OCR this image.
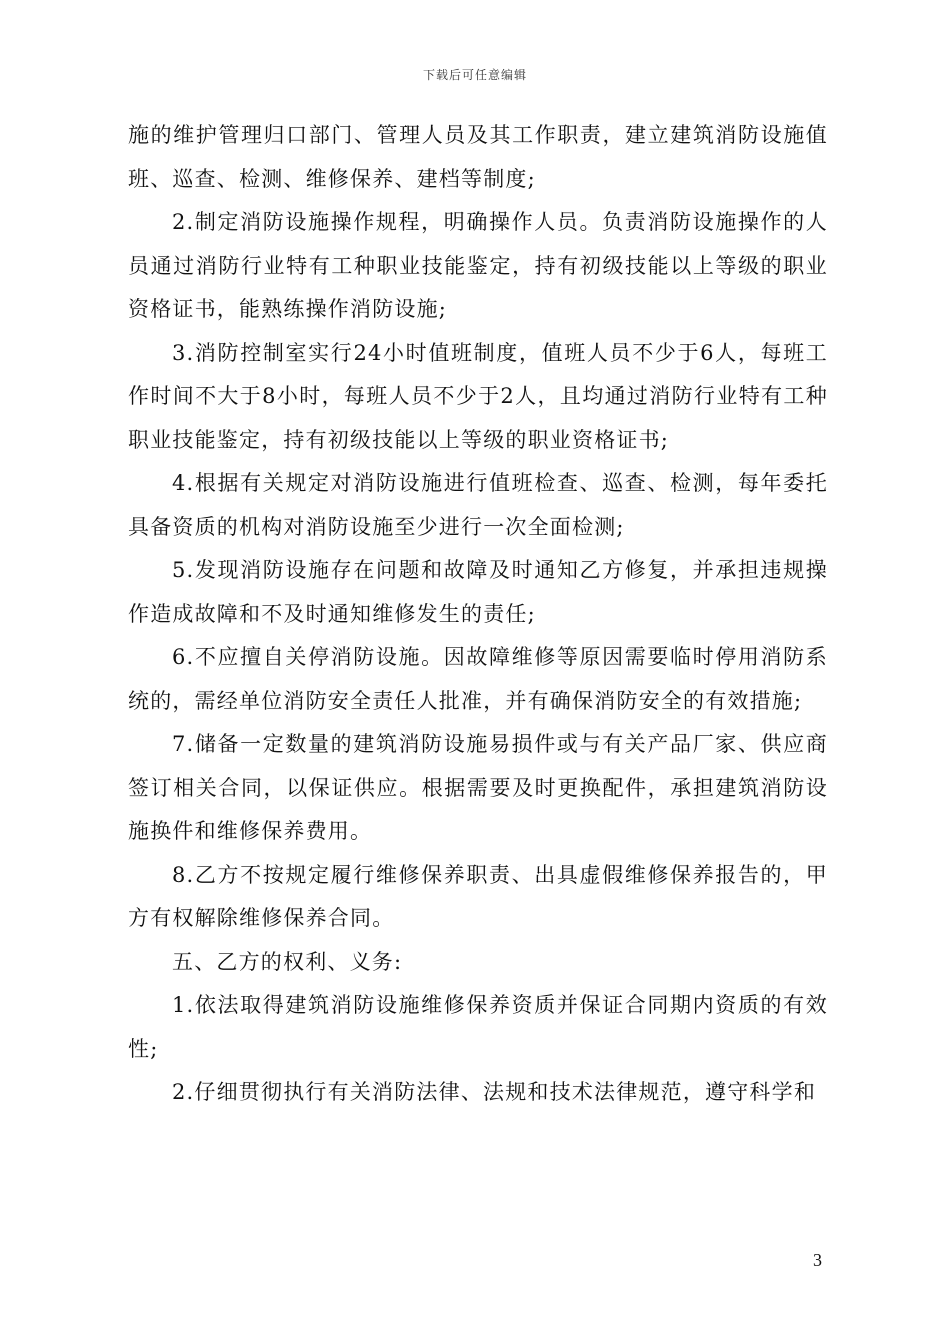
下载后可任意编辑

施的维护管理归口部门、管理人员及其工作职责，建立建筑消防设施值班、巡查、检测、维修保养、建档等制度;

2.制定消防设施操作规程，明确操作人员。负责消防设施操作的人员通过消防行业特有工种职业技能鉴定，持有初级技能以上等级的职业资格证书，能熟练操作消防设施;

3.消防控制室实行24小时值班制度，值班人员不少于6人，每班工作时间不大于8小时，每班人员不少于2人，且均通过消防行业特有工种职业技能鉴定，持有初级技能以上等级的职业资格证书;

4.根据有关规定对消防设施进行值班检查、巡查、检测，每年委托具备资质的机构对消防设施至少进行一次全面检测;

5.发现消防设施存在问题和故障及时通知乙方修复，并承担违规操作造成故障和不及时通知维修发生的责任;

6.不应擅自关停消防设施。因故障维修等原因需要临时停用消防系统的，需经单位消防安全责任人批准，并有确保消防安全的有效措施;

7.储备一定数量的建筑消防设施易损件或与有关产品厂家、供应商签订相关合同，以保证供应。根据需要及时更换配件，承担建筑消防设施换件和维修保养费用。

8.乙方不按规定履行维修保养职责、出具虚假维修保养报告的，甲方有权解除维修保养合同。

五、乙方的权利、义务:

1.依法取得建筑消防设施维修保养资质并保证合同期内资质的有效性;

2.仔细贯彻执行有关消防法律、法规和技术法律规范，遵守科学和

3
